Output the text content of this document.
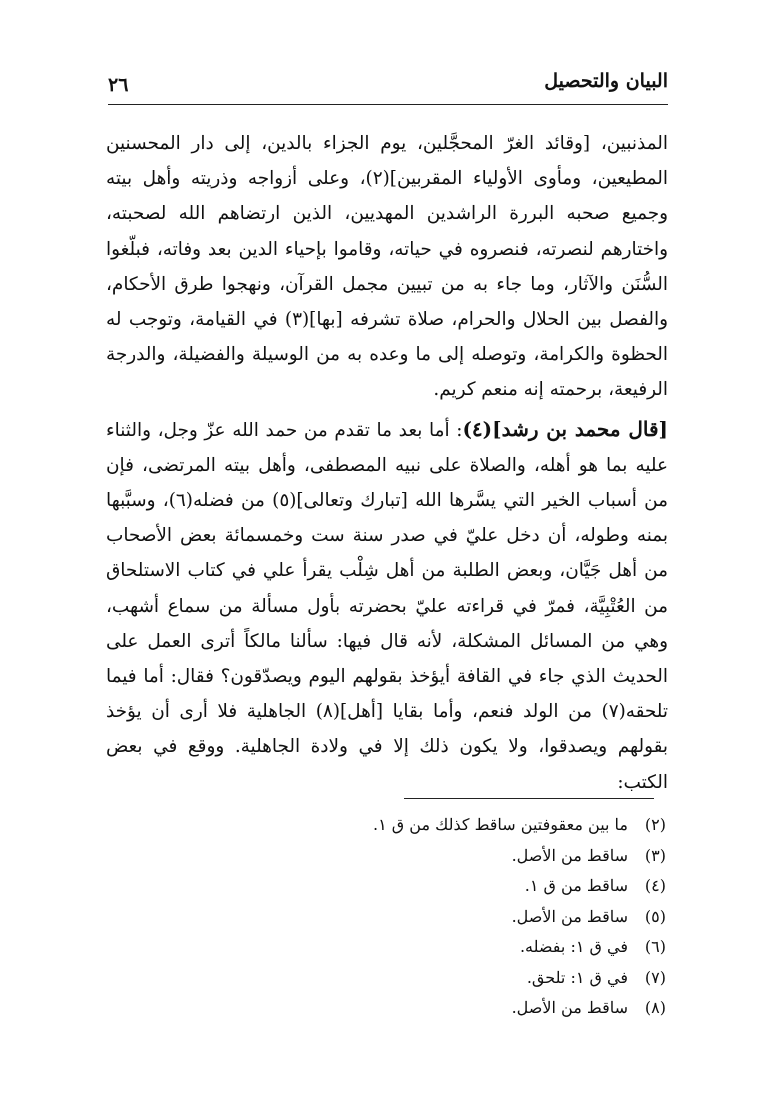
البيان والتحصيل
٢٦

المذنبين، [وقائد الغرّ المحجَّلين، يوم الجزاء بالدين، إلى دار المحسنين المطيعين، ومأوى الأولياء المقربين](٢)، وعلى أزواجه وذريته وأهل بيته وجميع صحبه البررة الراشدين المهديين، الذين ارتضاهم الله لصحبته، واختارهم لنصرته، فنصروه في حياته، وقاموا بإحياء الدين بعد وفاته، فبلّغوا السُّنَن والآثار، وما جاء به من تبيين مجمل القرآن، ونهجوا طرق الأحكام، والفصل بين الحلال والحرام، صلاة تشرفه [بها](٣) في القيامة، وتوجب له الحظوة والكرامة، وتوصله إلى ما وعده به من الوسيلة والفضيلة، والدرجة الرفيعة، برحمته إنه منعم كريم.

[قال محمد بن رشد](٤): أما بعد ما تقدم من حمد الله عزّ وجل، والثناء عليه بما هو أهله، والصلاة على نبيه المصطفى، وأهل بيته المرتضى، فإن من أسباب الخير التي يسَّرها الله [تبارك وتعالى](٥) من فضله(٦)، وسبَّبها بمنه وطوله، أن دخل عليّ في صدر سنة ست وخمسمائة بعض الأصحاب من أهل جَيَّان، وبعض الطلبة من أهل شِلْب يقرأ علي في كتاب الاستلحاق من العُتْبِيَّة، فمرّ في قراءته عليّ بحضرته بأول مسألة من سماع أشهب، وهي من المسائل المشكلة، لأنه قال فيها: سألنا مالكاً أترى العمل على الحديث الذي جاء في القافة أيؤخذ بقولهم اليوم ويصدّقون؟ فقال: أما فيما تلحقه(٧) من الولد فنعم، وأما بقايا [أهل](٨) الجاهلية فلا أرى أن يؤخذ بقولهم ويصدقوا، ولا يكون ذلك إلا في ولادة الجاهلية. ووقع في بعض الكتب:

(٢)ما بين معقوفتين ساقط كذلك من ق ١.
(٣)ساقط من الأصل.
(٤)ساقط من ق ١.
(٥)ساقط من الأصل.
(٦)في ق ١: بفضله.
(٧)في ق ١: تلحق.
(٨)ساقط من الأصل.
